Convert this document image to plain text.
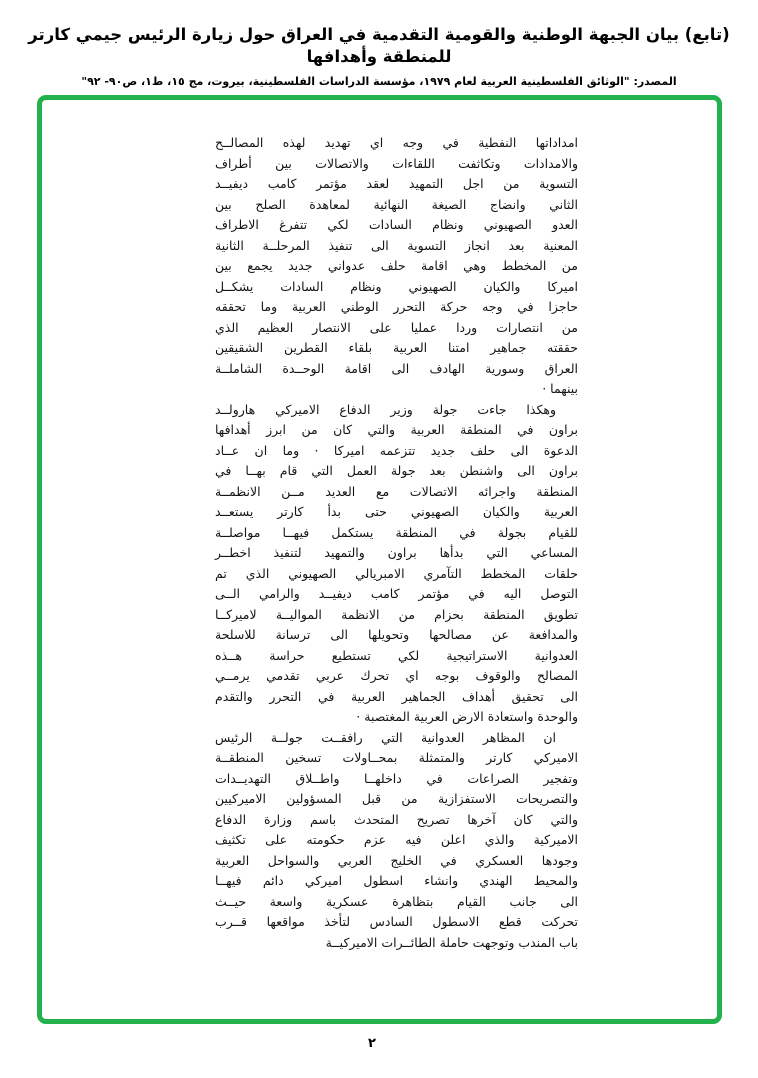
(تابع) بيان الجبهة الوطنية والقومية التقدمية في العراق حول زيارة الرئيس جيمي كارتر للمنطقة وأهدافها
المصدر: "الوثائق الفلسطينية العربية لعام ١٩٧٩، مؤسسة الدراسات الفلسطينية، بيروت، مج ١٥، ط١، ص٩٠- ٩٢"
امداداتها النفطية في وجه اي تهديد لهذه المصالــح
والامدادات وتكاثفت اللقاءات والاتصالات بين أطراف
التسوية من اجل التمهيد لعقد مؤتمر كامب ديفيــد
الثاني وانضاج الصيغة النهائية لمعاهدة الصلح بين
العدو الصهيوني ونظام السادات لكي تتفرغ الاطراف
المعنية بعد انجاز التسوية الى تنفيذ المرحلــة الثانية
من المخطط وهي اقامة حلف عدواني جديد يجمع بين
اميركا والكيان الصهيوني ونظام السادات يشكــل
حاجزا في وجه حركة التحرر الوطني العربية وما تحققه
من انتصارات وردا عمليا على الانتصار العظيم الذي
حققته جماهير امتنا العربية بلقاء القطرين الشقيقين
العراق وسورية الهادف الى اقامة الوحــدة الشاملــة
بينهما ·
وهكذا جاءت جولة وزير الدفاع الاميركي هارولــد
براون في المنطقة العربية والتي كان من ابرز أهدافها
الدعوة الى حلف جديد تتزعمه اميركا · وما ان عــاد
براون الى واشنطن بعد جولة العمل التي قام بهــا في
المنطقة واجرائه الاتصالات مع العديد مــن الانظمــة
العربية والكيان الصهيوني حتى بدأ كارتر يستعــد
للقيام بجولة في المنطقة يستكمل فيهــا مواصلــة
المساعي التي بدأها براون والتمهيد لتنفيذ اخطــر
حلقات المخطط التآمري الامبريالي الصهيوني الذي تم
التوصل اليه في مؤتمر كامب ديفيــد والرامي الــى
تطويق المنطقة بحزام من الانظمة المواليــة لاميركــا
والمدافعة عن مصالحها وتحويلها الى ترسانة للاسلحة
العدوانية الاستراتيجية لكي تستطيع حراسة هــذه
المصالح والوقوف بوجه اي تحرك عربي تقدمي يرمــي
الى تحقيق أهداف الجماهير العربية في التحرر والتقدم
والوحدة واستعادة الارض العربية المغتصبة ·
ان المظاهر العدوانية التي رافقــت جولــة الرئيس
الاميركي كارتر والمتمثلة بمحــاولات تسخين المنطقــة
وتفجير الصراعات في داخلهــا واطــلاق التهديــدات
والتصريحات الاستفزازية من قبل المسؤولين الاميركيين
والتي كان آخرها تصريح المتحدث باسم وزارة الدفاع
الاميركية والذي اعلن فيه عزم حكومته على تكثيف
وجودها العسكري في الخليج العربي والسواحل العربية
والمحيط الهندي وانشاء اسطول اميركي دائم فيهــا
الى جانب القيام بتظاهرة عسكرية واسعة حيــث
تحركت قطع الاسطول السادس لتأخذ مواقعها قــرب
باب المندب وتوجهت حاملة الطائــرات الاميركيــة
٢
